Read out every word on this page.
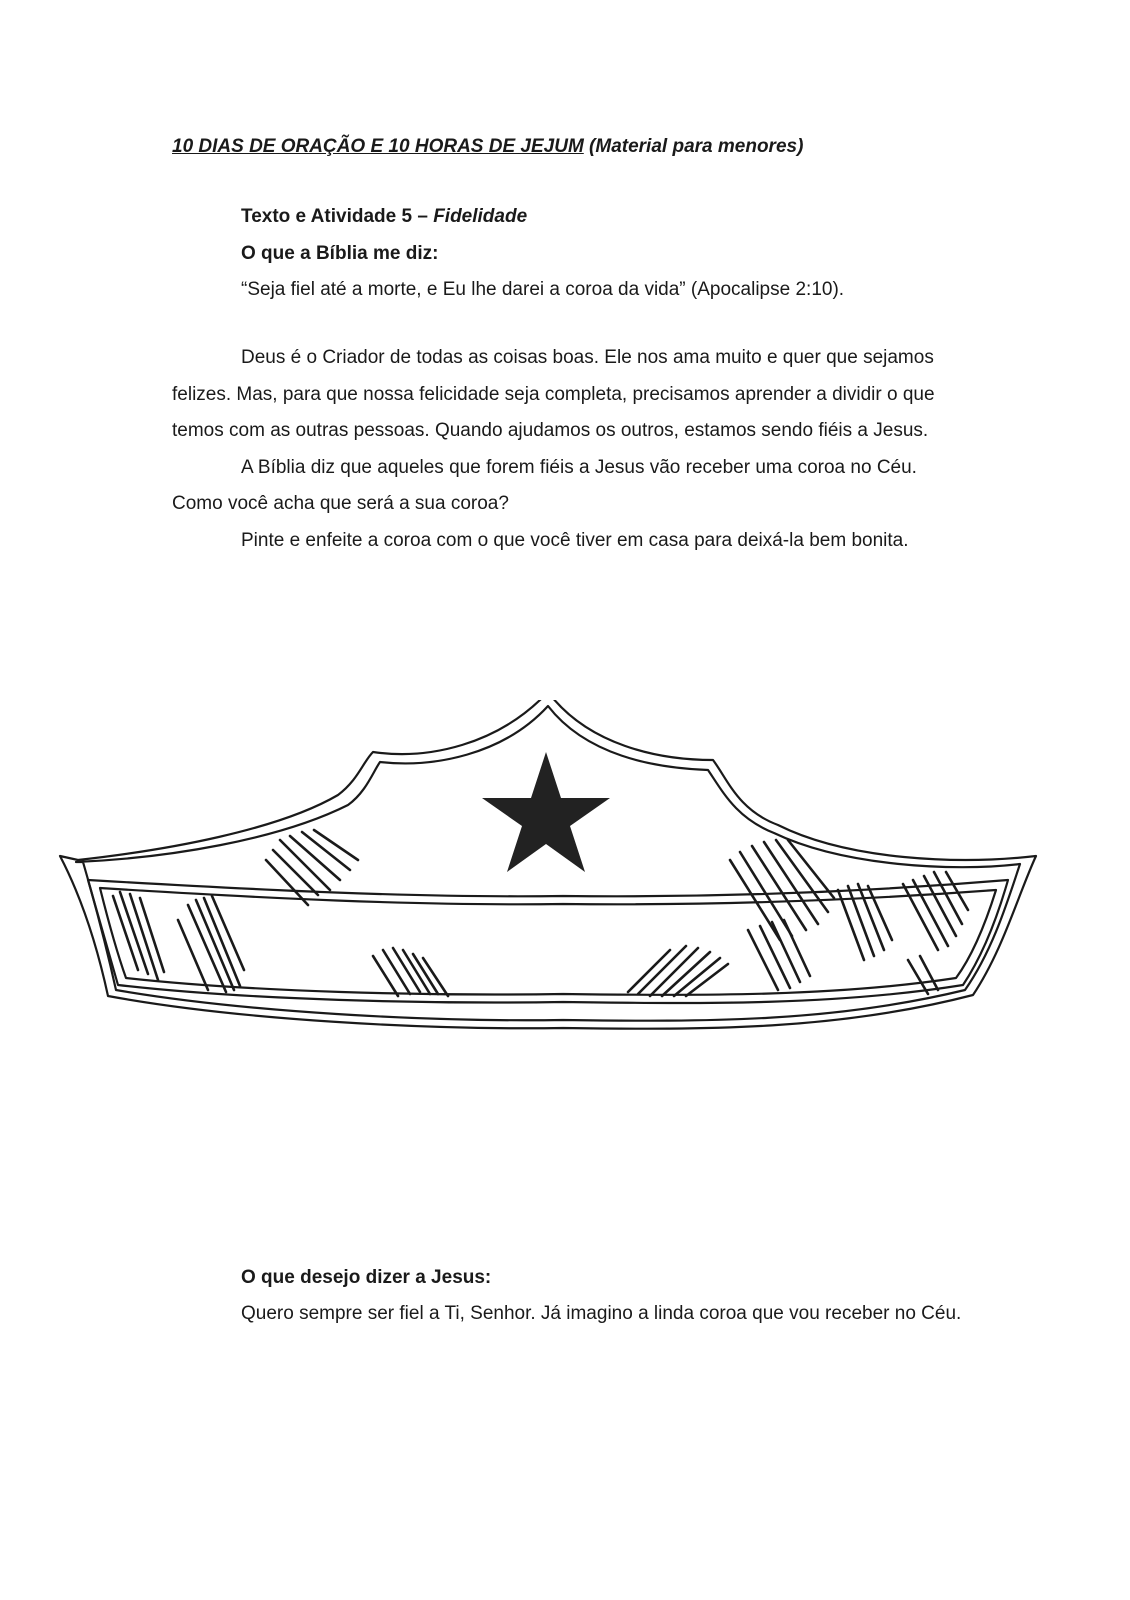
10 DIAS DE ORAÇÃO E 10 HORAS DE JEJUM (Material para menores)
Texto e Atividade 5 – Fidelidade
O que a Bíblia me diz:
“Seja fiel até a morte, e Eu lhe darei a coroa da vida” (Apocalipse 2:10).
Deus é o Criador de todas as coisas boas. Ele nos ama muito e quer que sejamos felizes. Mas, para que nossa felicidade seja completa, precisamos aprender a dividir o que temos com as outras pessoas. Quando ajudamos os outros, estamos sendo fiéis a Jesus.
A Bíblia diz que aqueles que forem fiéis a Jesus vão receber uma coroa no Céu. Como você acha que será a sua coroa?
Pinte e enfeite a coroa com o que você tiver em casa para deixá-la bem bonita.
O que desejo dizer a Jesus:
Quero sempre ser fiel a Ti, Senhor. Já imagino a linda coroa que vou receber no Céu.
